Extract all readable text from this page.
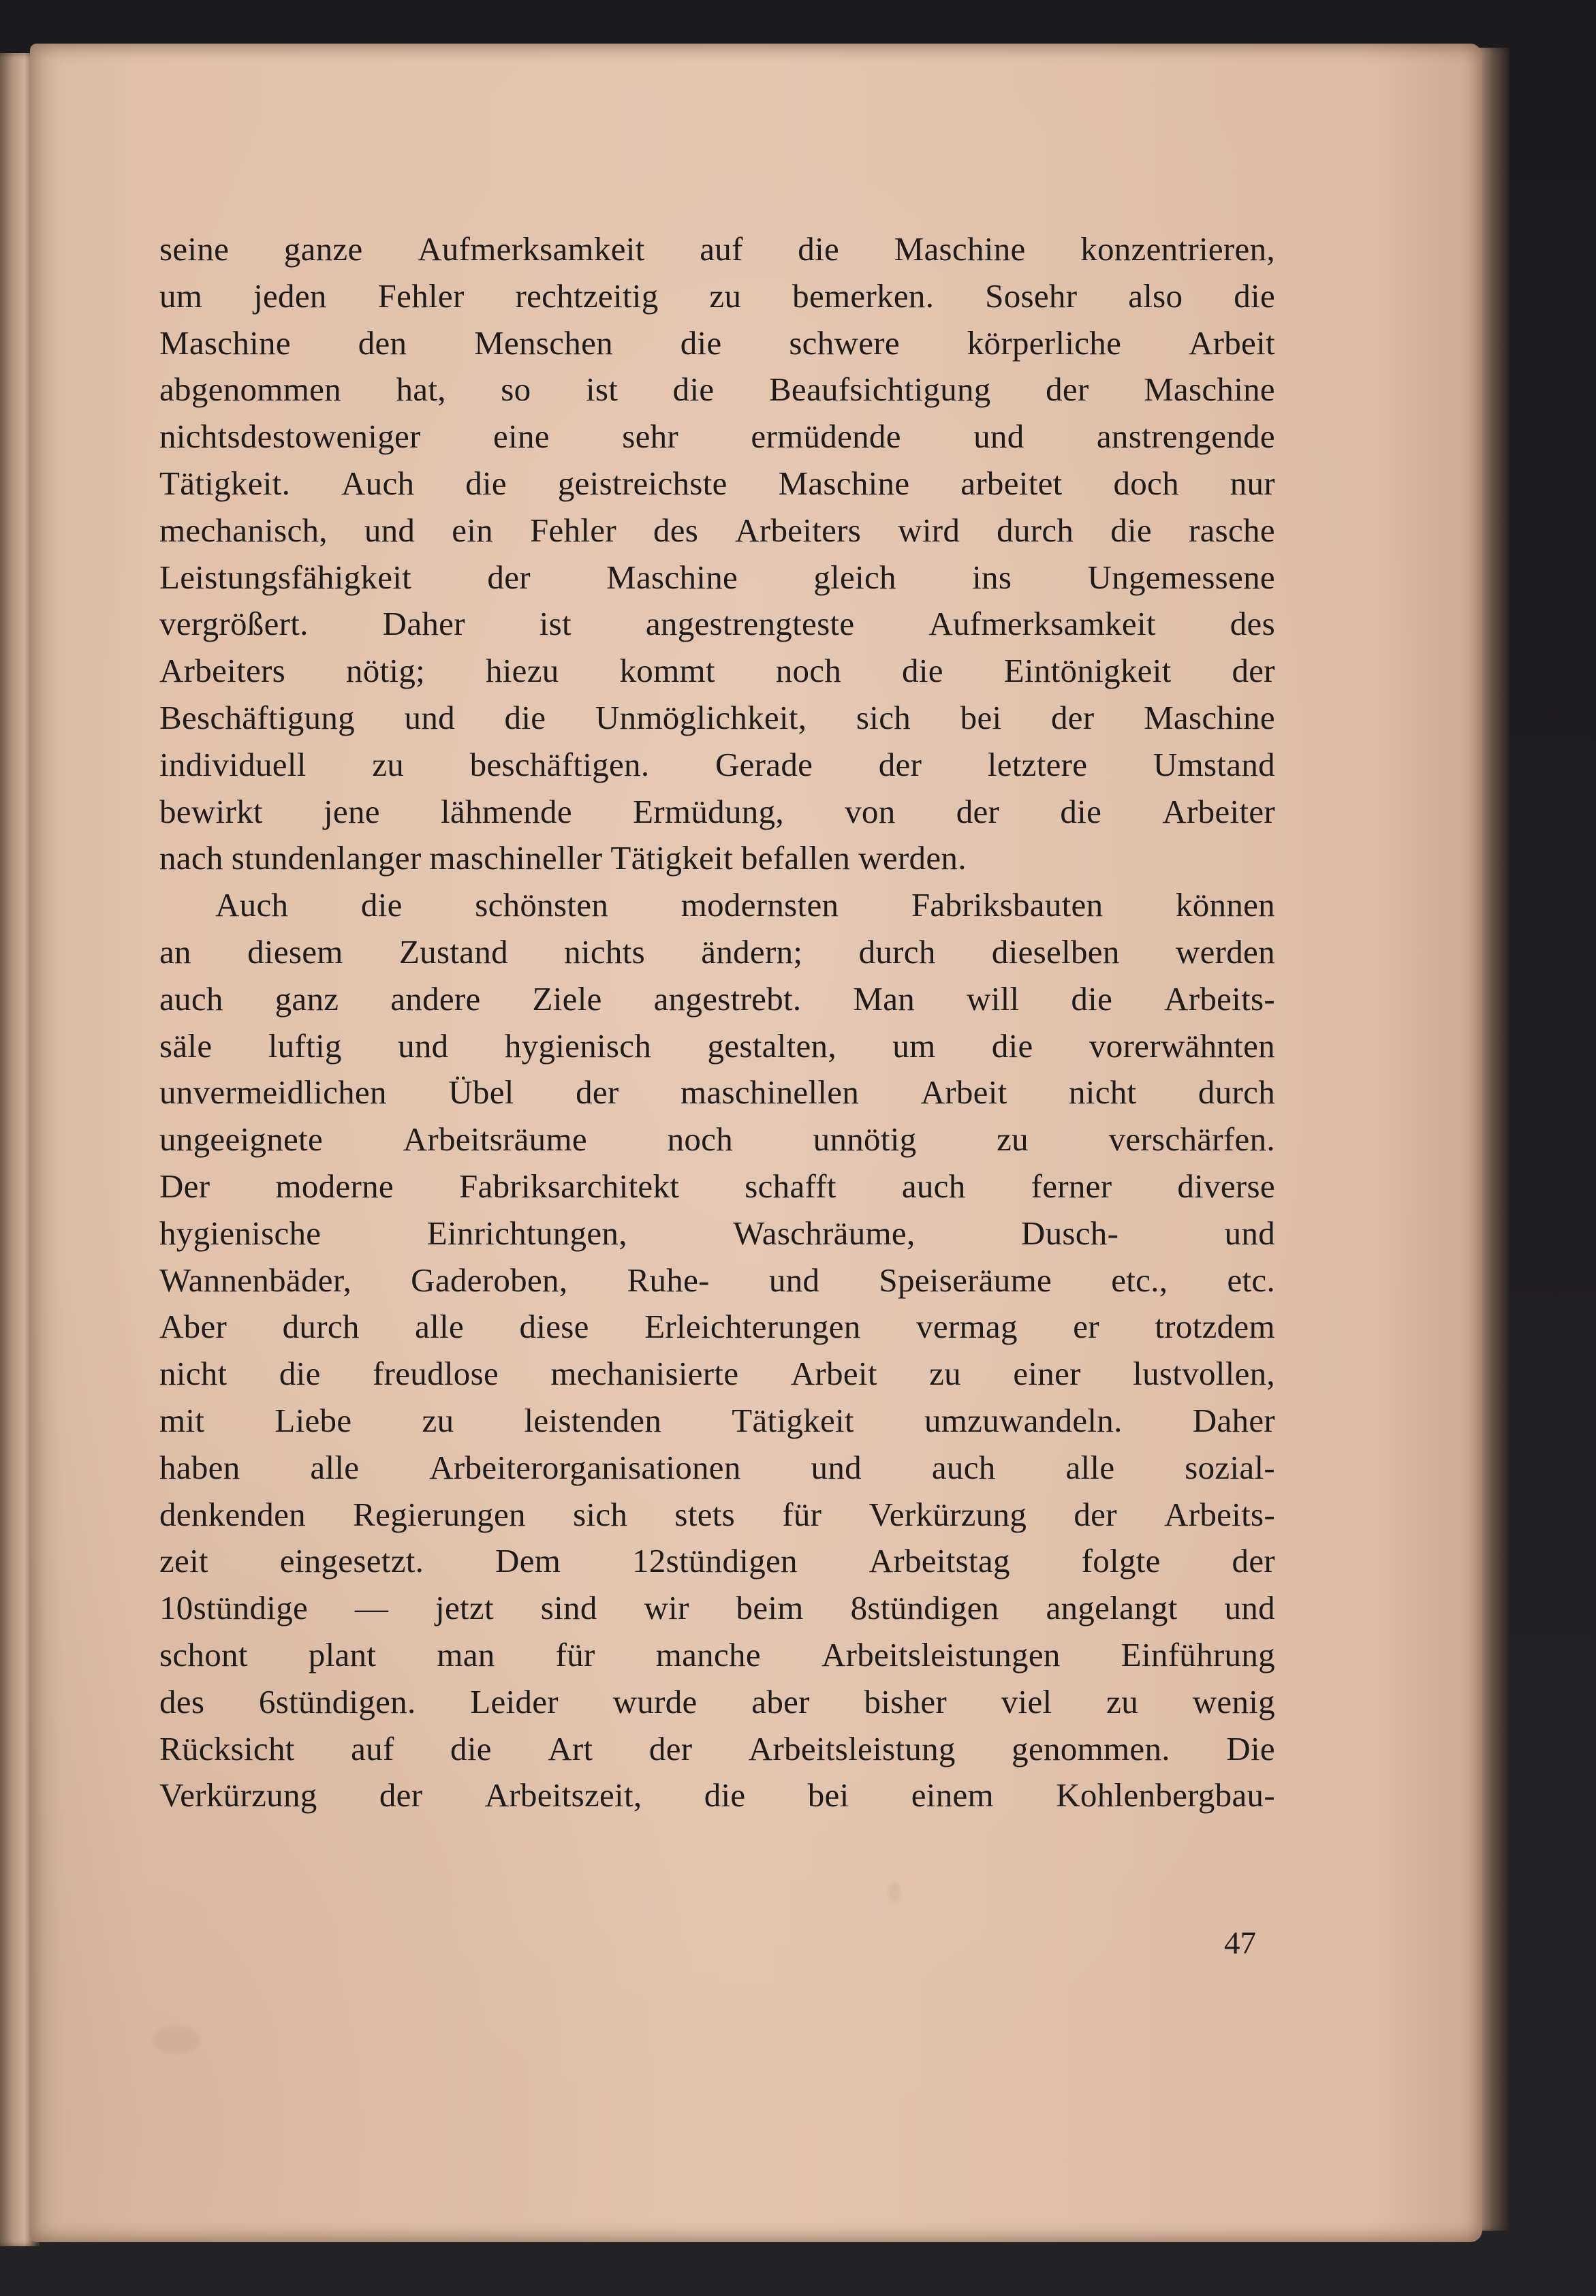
seine ganze Aufmerksamkeit auf die Maschine konzentrieren,
um jeden Fehler rechtzeitig zu bemerken. Sosehr also die
Maschine den Menschen die schwere körperliche Arbeit
abgenommen hat, so ist die Beaufsichtigung der Maschine
nichtsdestoweniger eine sehr ermüdende und anstrengende
Tätigkeit. Auch die geistreichste Maschine arbeitet doch nur
mechanisch, und ein Fehler des Arbeiters wird durch die rasche
Leistungsfähigkeit der Maschine gleich ins Ungemessene
vergrößert. Daher ist angestrengteste Aufmerksamkeit des
Arbeiters nötig; hiezu kommt noch die Eintönigkeit der
Beschäftigung und die Unmöglichkeit, sich bei der Maschine
individuell zu beschäftigen. Gerade der letztere Umstand
bewirkt jene lähmende Ermüdung, von der die Arbeiter
nach stundenlanger maschineller Tätigkeit befallen werden.
Auch die schönsten modernsten Fabriksbauten können
an diesem Zustand nichts ändern; durch dieselben werden
auch ganz andere Ziele angestrebt. Man will die Arbeits-
säle luftig und hygienisch gestalten, um die vorerwähnten
unvermeidlichen Übel der maschinellen Arbeit nicht durch
ungeeignete Arbeitsräume noch unnötig zu verschärfen.
Der moderne Fabriksarchitekt schafft auch ferner diverse
hygienische	Einrichtungen,	Waschräume,	Dusch-	und
Wannenbäder, Gaderoben, Ruhe- und Speiseräume etc., etc.
Aber durch alle diese Erleichterungen vermag er trotzdem
nicht die freudlose mechanisierte Arbeit zu einer lustvollen,
mit Liebe zu leistenden Tätigkeit umzuwandeln. Daher
haben alle Arbeiterorganisationen und auch alle sozial-
denkenden Regierungen sich stets für Verkürzung der Arbeits-
zeit eingesetzt. Dem 12stündigen Arbeitstag folgte der
10stündige — jetzt sind wir beim 8stündigen angelangt und
schont plant man für manche Arbeitsleistungen Einführung
des 6stündigen. Leider wurde aber bisher viel zu wenig
Rücksicht auf die Art der Arbeitsleistung genommen. Die
Verkürzung der Arbeitszeit, die bei einem Kohlenbergbau-
47
